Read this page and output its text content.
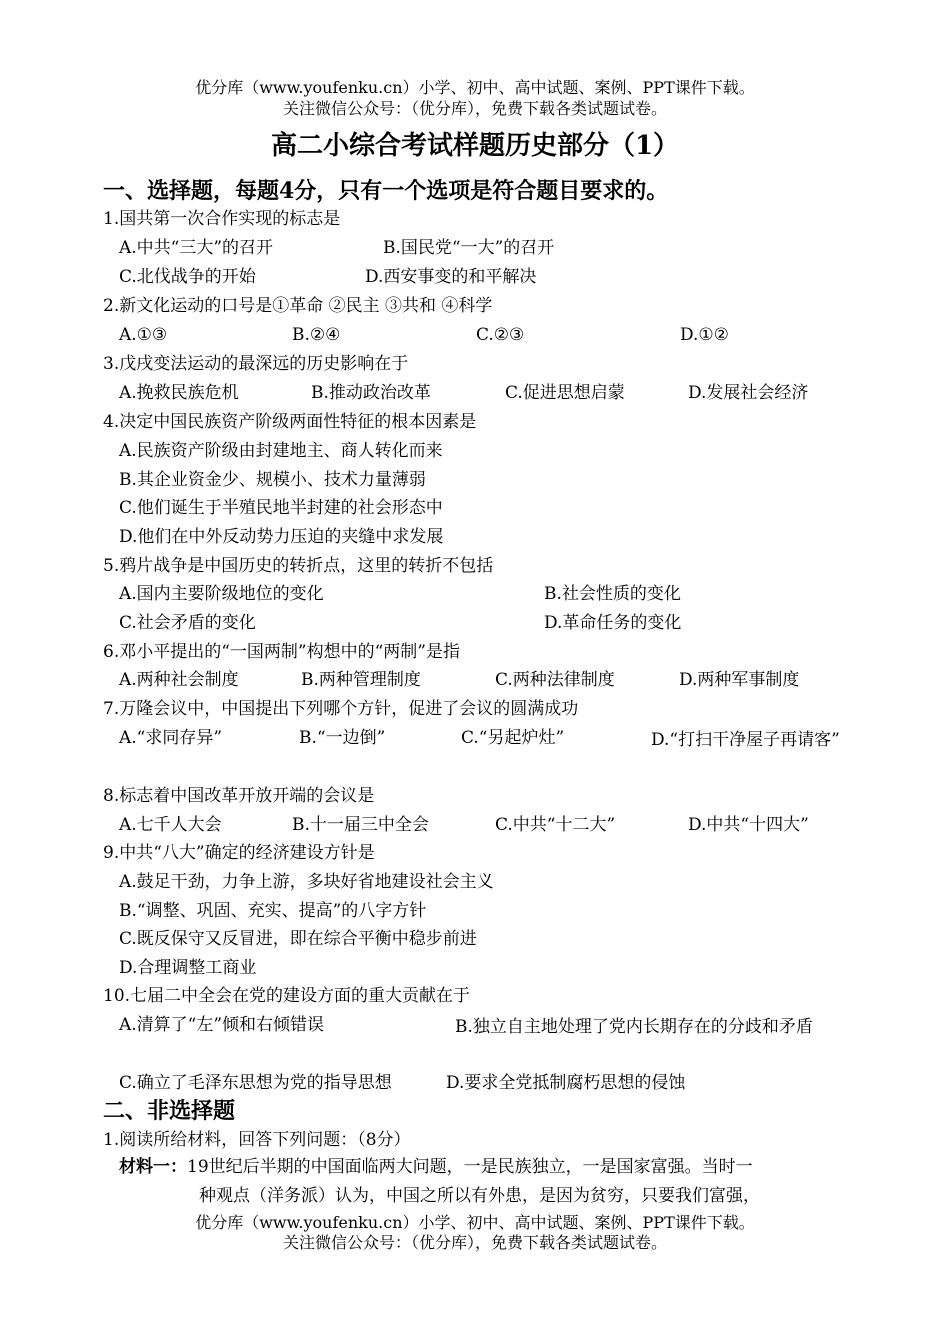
优分库（www.youfenku.cn）小学、初中、高中试题、案例、PPT课件下载。
关注微信公众号：（优分库），免费下载各类试题试卷。
高二小综合考试样题历史部分（1）
一、选择题，每题4分，只有一个选项是符合题目要求的。
1.国共第一次合作实现的标志是
A.中共“三大”的召开	B.国民党“一大”的召开
C.北伐战争的开始	D.西安事变的和平解决
2.新文化运动的口号是①革命 ②民主 ③共和 ④科学
A.①③	B.②④	C.②③	D.①②
3.戊戌变法运动的最深远的历史影响在于
A.挽救民族危机	B.推动政治改革	C.促进思想启蒙	D.发展社会经济
4.决定中国民族资产阶级两面性特征的根本因素是
A.民族资产阶级由封建地主、商人转化而来
B.其企业资金少、规模小、技术力量薄弱
C.他们诞生于半殖民地半封建的社会形态中
D.他们在中外反动势力压迫的夹缝中求发展
5.鸦片战争是中国历史的转折点，这里的转折不包括
A.国内主要阶级地位的变化	B.社会性质的变化
C.社会矛盾的变化	D.革命任务的变化
6.邓小平提出的“一国两制”构想中的“两制”是指
A.两种社会制度	B.两种管理制度	C.两种法律制度	D.两种军事制度
7.万隆会议中，中国提出下列哪个方针，促进了会议的圆满成功
A.“求同存异”	B.“一边倒”	C.“另起炉灶”	D.“打扫干净屋子再请客”
8.标志着中国改革开放开端的会议是
A.七千人大会	B.十一届三中全会	C.中共“十二大”	D.中共“十四大”
9.中共“八大”确定的经济建设方针是
A.鼓足干劲，力争上游，多块好省地建设社会主义
B.“调整、巩固、充实、提高”的八字方针
C.既反保守又反冒进，即在综合平衡中稳步前进
D.合理调整工商业
10.七届二中全会在党的建设方面的重大贡献在于
A.清算了“左”倾和右倾错误	B.独立自主地处理了党内长期存在的分歧和矛盾
C.确立了毛泽东思想为党的指导思想	D.要求全党抵制腐朽思想的侵蚀
二、非选择题
1.阅读所给材料，回答下列问题：（8分）
材料一：19世纪后半期的中国面临两大问题，一是民族独立，一是国家富强。当时一
种观点（洋务派）认为，中国之所以有外患，是因为贫穷，只要我们富强，
优分库（www.youfenku.cn）小学、初中、高中试题、案例、PPT课件下载。
关注微信公众号：（优分库），免费下载各类试题试卷。
